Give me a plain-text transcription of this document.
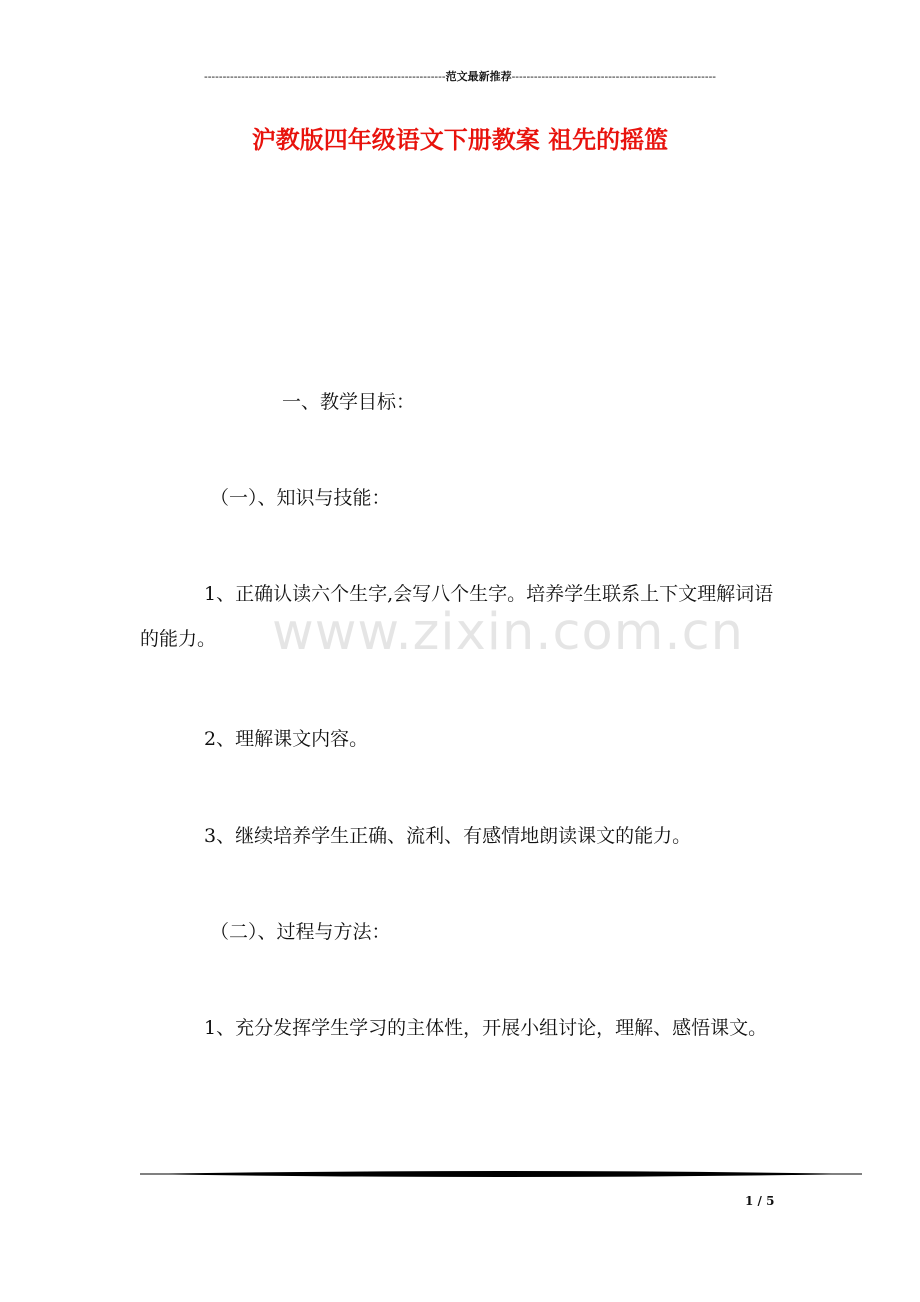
----------------------------------------------------------------- 范文最新推荐 -------------------------------------------------------
沪教版四年级语文下册教案 祖先的摇篮
www.zixin.com.cn

一、教学目标：

（一）、知识与技能：

1、正确认读六个生字,会写八个生字。培养学生联系上下文理解词语的能力。

2、理解课文内容。

3、继续培养学生正确、流利、有感情地朗读课文的能力。

（二）、过程与方法：

1、充分发挥学生学习的主体性，开展小组讨论，理解、感悟课文。

1 / 5
